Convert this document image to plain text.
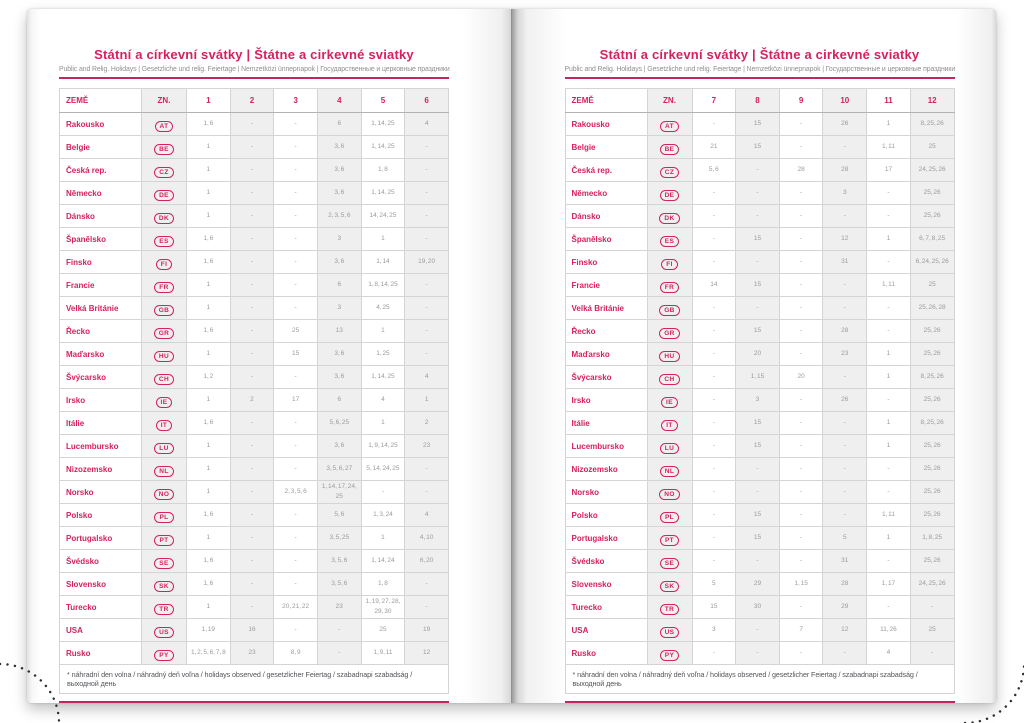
Státní a církevní svátky | Štátne a cirkevné sviatky
Public and Relig. Holidays | Gesetzliche und relig. Feiertage | Nemzetközi ünnepnapok | Государственные и церковные праздники
ZEMĚ	ZN.	1	2	3	4	5	6
Rakousko	AT	1, 6	-	-	6	1, 14, 25	4
Belgie	BE	1	-	-	3, 6	1, 14, 25	-
Česká rep.	CZ	1	-	-	3, 6	1, 8	-
Německo	DE	1	-	-	3, 6	1, 14, 25	-
Dánsko	DK	1	-	-	2, 3, 5, 6	14, 24, 25	-
Španělsko	ES	1, 6	-	-	3	1	-
Finsko	FI	1, 6	-	-	3, 6	1, 14	19, 20
Francie	FR	1	-	-	6	1, 8, 14, 25	-
Velká Británie	GB	1	-	-	3	4, 25	-
Řecko	GR	1, 6	-	25	13	1	-
Maďarsko	HU	1	-	15	3, 6	1, 25	-
Švýcarsko	CH	1, 2	-	-	3, 6	1, 14, 25	4
Irsko	IE	1	2	17	6	4	1
Itálie	IT	1, 6	-	-	5, 6, 25	1	2
Lucembursko	LU	1	-	-	3, 6	1, 9, 14, 25	23
Nizozemsko	NL	1	-	-	3, 5, 6, 27	5, 14, 24, 25	-
Norsko	NO	1	-	2, 3, 5, 6	1, 14, 17, 24, 25	-	-
Polsko	PL	1, 6	-	-	5, 6	1, 3, 24	4
Portugalsko	PT	1	-	-	3, 5, 25	1	4, 10
Švédsko	SE	1, 6	-	-	3, 5, 6	1, 14, 24	6, 20
Slovensko	SK	1, 6	-	-	3, 5, 6	1, 8	-
Turecko	TR	1	-	20, 21, 22	23	1, 19, 27, 28, 29, 30	-
USA	US	1, 19	16	-	-	25	19
Rusko	PY	1, 2, 5, 6, 7, 8	23	8, 9	-	1, 9, 11	12
* náhradní den volna / náhradný deň voľna / holidays observed / gesetzlicher Feiertag / szabadnapi szabadság / выходной день							
Státní a církevní svátky | Štátne a cirkevné sviatky
Public and Relig. Holidays | Gesetzliche und relig. Feiertage | Nemzetközi ünnepnapok | Государственные и церковные праздники
ZEMĚ	ZN.	7	8	9	10	11	12
Rakousko	AT	-	15	-	26	1	8, 25, 26
Belgie	BE	21	15	-	-	1, 11	25
Česká rep.	CZ	5, 6	-	28	28	17	24, 25, 26
Německo	DE	-	-	-	3	-	25, 26
Dánsko	DK	-	-	-	-	-	25, 26
Španělsko	ES	-	15	-	12	1	6, 7, 8, 25
Finsko	FI	-	-	-	31	-	6, 24, 25, 26
Francie	FR	14	15	-	-	1, 11	25
Velká Británie	GB	-	-	-	-	-	25, 26, 28
Řecko	GR	-	15	-	28	-	25, 26
Maďarsko	HU	-	20	-	23	1	25, 26
Švýcarsko	CH	-	1, 15	20	-	1	8, 25, 26
Irsko	IE	-	3	-	26	-	25, 26
Itálie	IT	-	15	-	-	1	8, 25, 26
Lucembursko	LU	-	15	-	-	1	25, 26
Nizozemsko	NL	-	-	-	-	-	25, 26
Norsko	NO	-	-	-	-	-	25, 26
Polsko	PL	-	15	-	-	1, 11	25, 26
Portugalsko	PT	-	15	-	5	1	1, 8, 25
Švédsko	SE	-	-	-	31	-	25, 26
Slovensko	SK	5	29	1, 15	28	1, 17	24, 25, 26
Turecko	TR	15	30	-	29	-	-
USA	US	3	-	7	12	11, 26	25
Rusko	PY	-	-	-	-	4	-
* náhradní den volna / náhradný deň voľna / holidays observed / gesetzlicher Feiertag / szabadnapi szabadság / выходной день							
